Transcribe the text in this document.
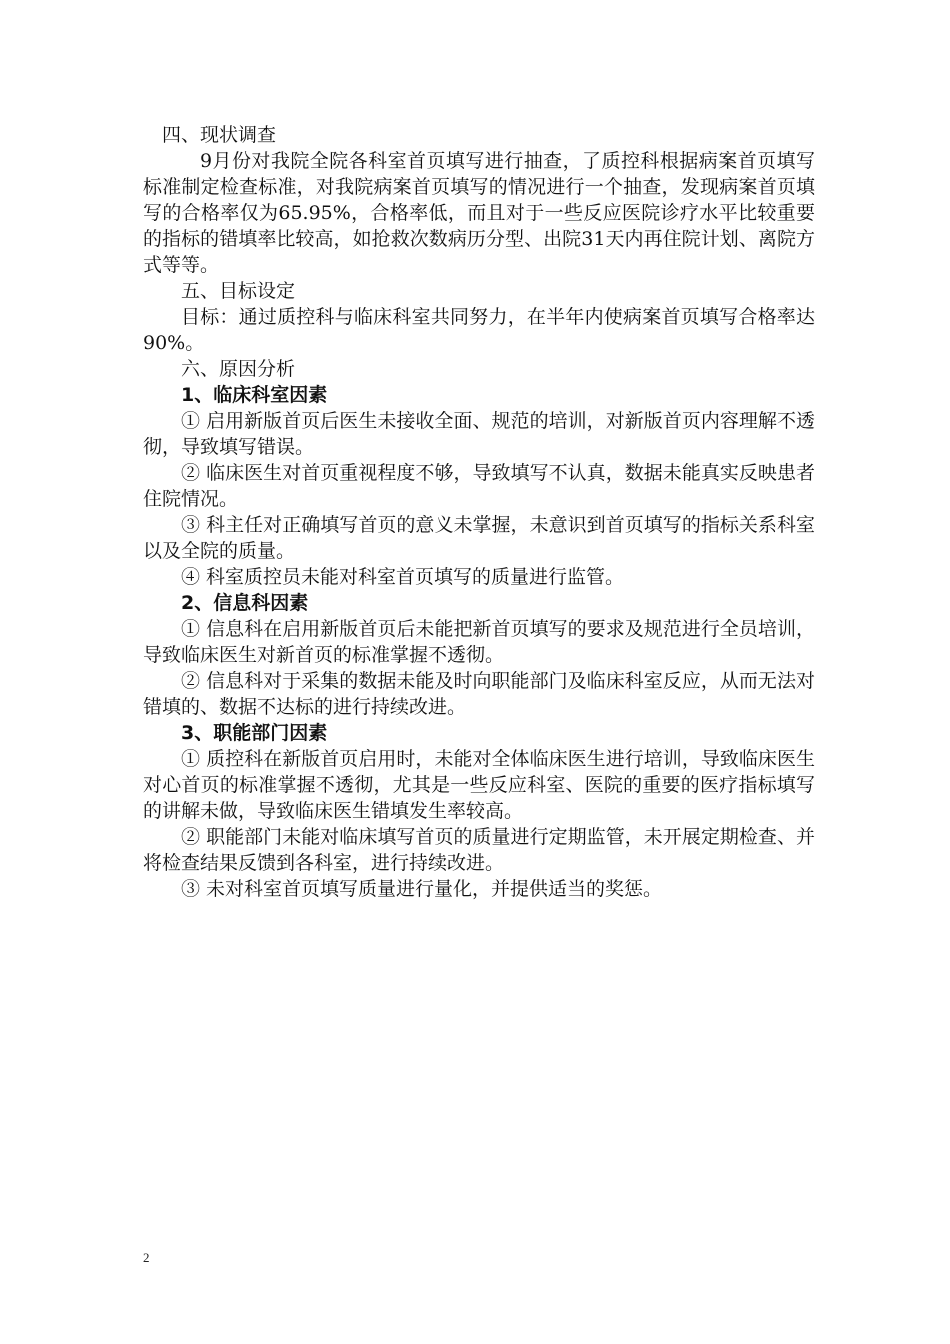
四、现状调查

9月份对我院全院各科室首页填写进行抽查，了质控科根据病案首页填写标准制定检查标准，对我院病案首页填写的情况进行一个抽查，发现病案首页填写的合格率仅为65.95%，合格率低，而且对于一些反应医院诊疗水平比较重要的指标的错填率比较高，如抢救次数病历分型、出院31天内再住院计划、离院方式等等。

五、目标设定

目标：通过质控科与临床科室共同努力，在半年内使病案首页填写合格率达90%。

六、原因分析

1、临床科室因素

① 启用新版首页后医生未接收全面、规范的培训，对新版首页内容理解不透彻，导致填写错误。

② 临床医生对首页重视程度不够，导致填写不认真，数据未能真实反映患者住院情况。

③ 科主任对正确填写首页的意义未掌握，未意识到首页填写的指标关系科室以及全院的质量。

④ 科室质控员未能对科室首页填写的质量进行监管。

2、信息科因素

① 信息科在启用新版首页后未能把新首页填写的要求及规范进行全员培训，导致临床医生对新首页的标准掌握不透彻。

② 信息科对于采集的数据未能及时向职能部门及临床科室反应，从而无法对错填的、数据不达标的进行持续改进。

3、职能部门因素

① 质控科在新版首页启用时，未能对全体临床医生进行培训，导致临床医生对心首页的标准掌握不透彻，尤其是一些反应科室、医院的重要的医疗指标填写的讲解未做，导致临床医生错填发生率较高。

② 职能部门未能对临床填写首页的质量进行定期监管，未开展定期检查、并将检查结果反馈到各科室，进行持续改进。

③ 未对科室首页填写质量进行量化，并提供适当的奖惩。

2
